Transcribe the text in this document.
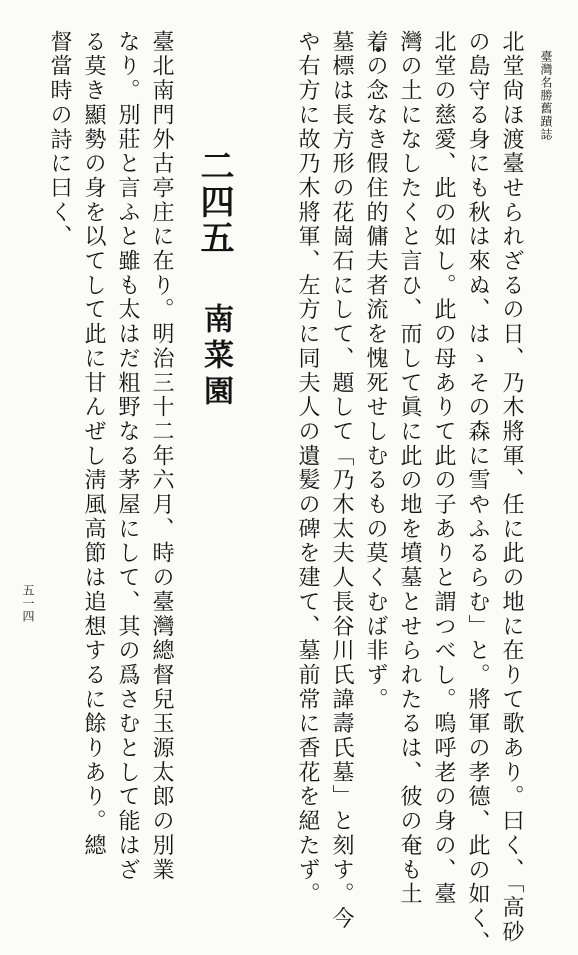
臺灣名勝舊蹟誌
五一四	北堂尙ほ渡臺せられざるの日、乃木將軍、任に此の地に在りて歌あり。曰く、「高砂
の島守る身にも秋は來ぬ、はゝその森に雪やふるらむ」と。將軍の孝德、此の如く、
北堂の慈愛、此の如し。此の母ありて此の子ありと謂つべし。嗚呼老の身の、臺
灣の土になしたくと言ひ、而して眞に此の地を墳墓とせられたるは、彼の奄も土
着の念なき假住的傭夫者流を愧死せしむるもの莫くむば非ず。
墓標は長方形の花崗石にして、題して「乃木太夫人長谷川氏諱壽氏墓」と刻す。今
や右方に故乃木將軍、左方に同夫人の遺髪の碑を建て、墓前常に香花を絕たず。
二四五
南菜園
臺北南門外古亭庄に在り。明治三十二年六月、時の臺灣總督兒玉源太郎の別業
なり。別莊と言ふと雖も太はだ粗野なる茅屋にして、其の爲さむとして能はざ
る莫き顯勢の身を以てして此に甘んぜし淸風高節は追想するに餘りあり。總
督當時の詩に曰く、
